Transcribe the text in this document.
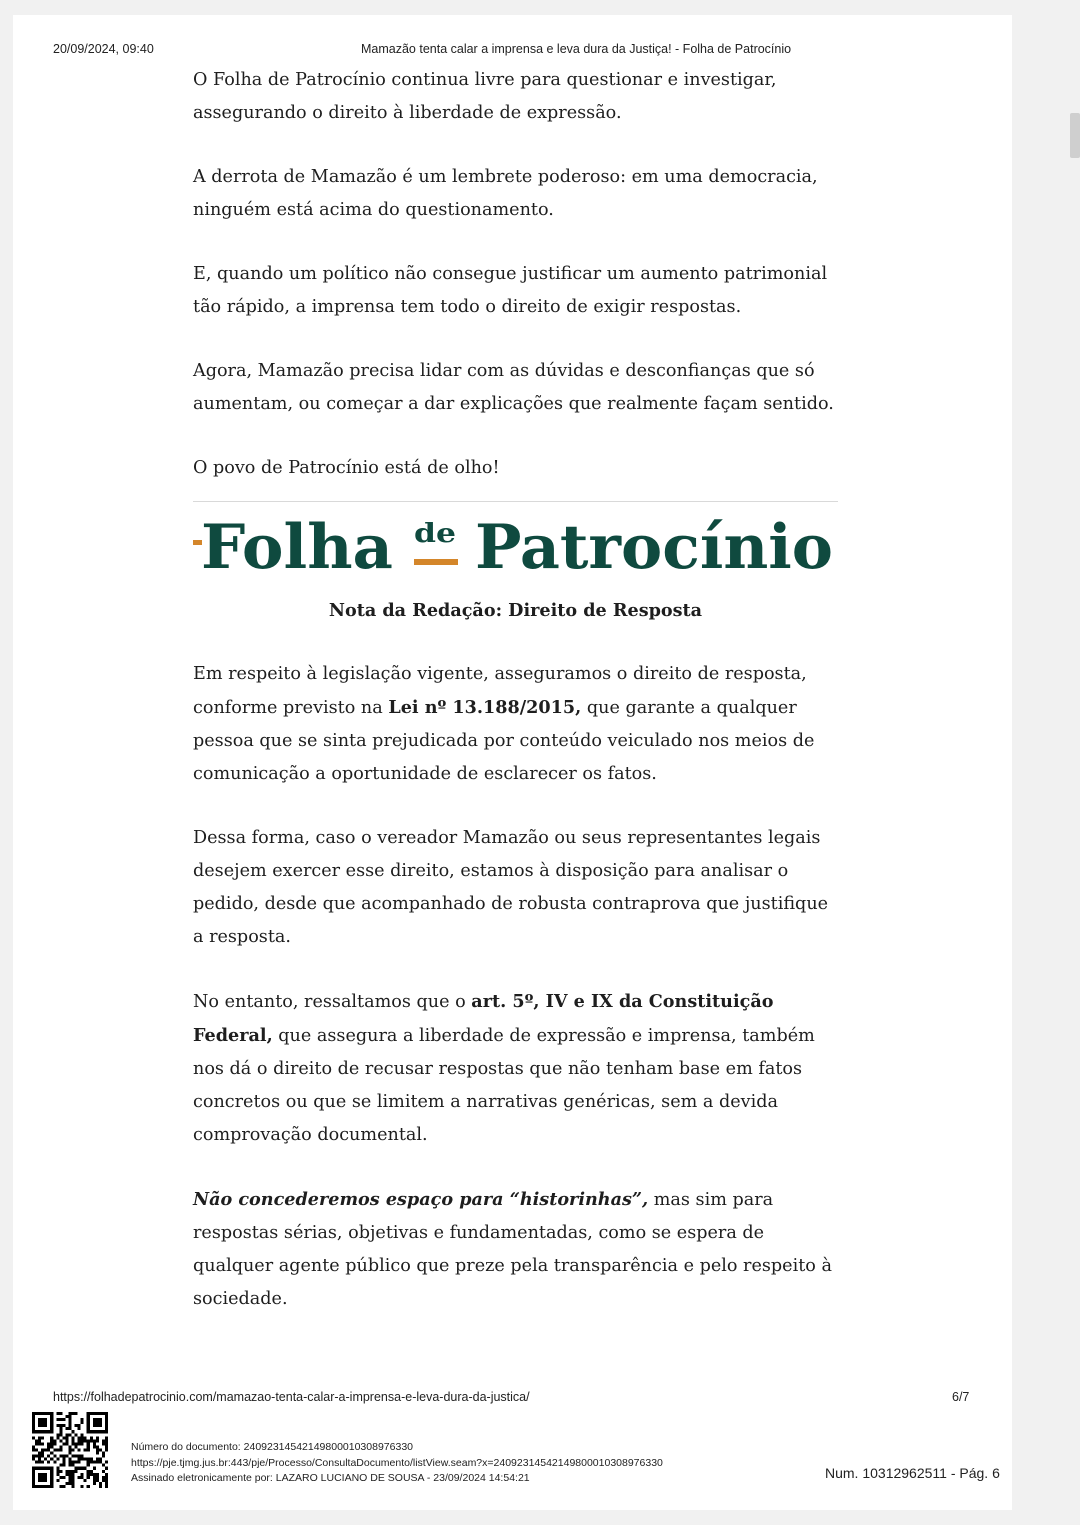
20/09/2024, 09:40	Mamazão tenta calar a imprensa e leva dura da Justiça! - Folha de Patrocínio

O Folha de Patrocínio continua livre para questionar e investigar, assegurando o direito à liberdade de expressão.

A derrota de Mamazão é um lembrete poderoso: em uma democracia, ninguém está acima do questionamento.

E, quando um político não consegue justificar um aumento patrimonial tão rápido, a imprensa tem todo o direito de exigir respostas.

Agora, Mamazão precisa lidar com as dúvidas e desconfianças que só aumentam, ou começar a dar explicações que realmente façam sentido.

O povo de Patrocínio está de olho!

Folha de Patrocínio

Nota da Redação: Direito de Resposta

Em respeito à legislação vigente, asseguramos o direito de resposta, conforme previsto na Lei nº 13.188/2015, que garante a qualquer pessoa que se sinta prejudicada por conteúdo veiculado nos meios de comunicação a oportunidade de esclarecer os fatos.

Dessa forma, caso o vereador Mamazão ou seus representantes legais desejem exercer esse direito, estamos à disposição para analisar o pedido, desde que acompanhado de robusta contraprova que justifique a resposta.

No entanto, ressaltamos que o art. 5º, IV e IX da Constituição Federal, que assegura a liberdade de expressão e imprensa, também nos dá o direito de recusar respostas que não tenham base em fatos concretos ou que se limitem a narrativas genéricas, sem a devida comprovação documental.

Não concederemos espaço para “historinhas”, mas sim para respostas sérias, objetivas e fundamentadas, como se espera de qualquer agente público que preze pela transparência e pelo respeito à sociedade.

https://folhadepatrocinio.com/mamazao-tenta-calar-a-imprensa-e-leva-dura-da-justica/	6/7
Número do documento: 24092314542149800010308976330
https://pje.tjmg.jus.br:443/pje/Processo/ConsultaDocumento/listView.seam?x=24092314542149800010308976330
Assinado eletronicamente por: LAZARO LUCIANO DE SOUSA - 23/09/2024 14:54:21	Num. 10312962511 - Pág. 6
